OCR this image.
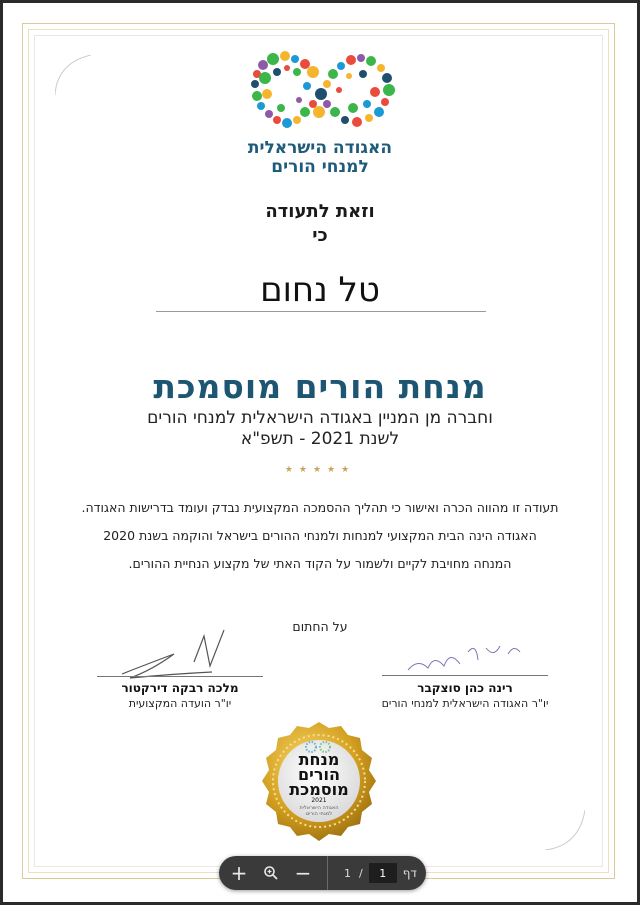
האגודה הישראלית
למנחי הורים
וזאת לתעודה
כי
טל נחום
מנחת הורים מוסמכת
וחברה מן המניין באגודה הישראלית למנחי הורים
לשנת 2021 - תשפ"א
★★★★★
תעודה זו מהווה הכרה ואישור כי תהליך ההסמכה המקצועית נבדק ועומד בדרישות האגודה.
האגודה הינה הבית המקצועי למנחות ולמנחי ההורים בישראל והוקמה בשנת 2020
המנחה מחויבת לקיים ולשמור על הקוד האתי של מקצוע הנחיית ההורים.
על החתום
מלכה רבקה דירקטור
יו"ר הועדה המקצועית
רינה כהן סוצקבר
יו"ר האגודה הישראלית למנחי הורים
מנחת
הורים
מוסמכת
2021
האגודה הישראלית
למנחי הורים
+ −	1 /
1	דף
